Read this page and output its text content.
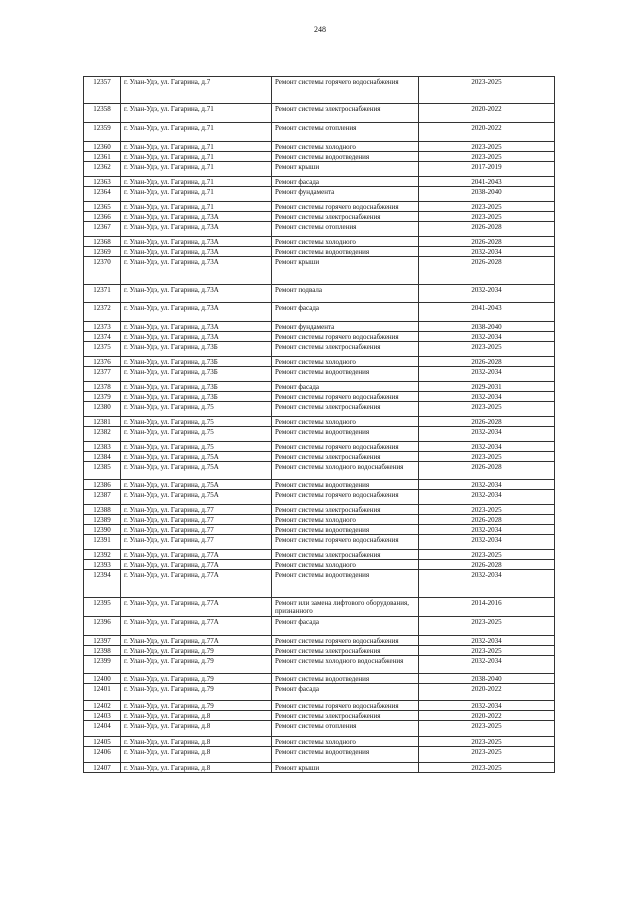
248
12357	г. Улан-Удэ, ул. Гагарина, д.7	Ремонт системы горячего водоснабжения	2023-2025
12358	г. Улан-Удэ, ул. Гагарина, д.71	Ремонт системы электроснабжения	2020-2022
12359	г. Улан-Удэ, ул. Гагарина, д.71	Ремонт системы отопления	2020-2022
12360	г. Улан-Удэ, ул. Гагарина, д.71	Ремонт системы холодного	2023-2025
12361	г. Улан-Удэ, ул. Гагарина, д.71	Ремонт системы водоотведения	2023-2025
12362	г. Улан-Удэ, ул. Гагарина, д.71	Ремонт крыши	2017-2019
12363	г. Улан-Удэ, ул. Гагарина, д.71	Ремонт фасада	2041-2043
12364	г. Улан-Удэ, ул. Гагарина, д.71	Ремонт фундамента	2038-2040
12365	г. Улан-Удэ, ул. Гагарина, д.71	Ремонт системы горячего водоснабжения	2023-2025
12366	г. Улан-Удэ, ул. Гагарина, д.73А	Ремонт системы электроснабжения	2023-2025
12367	г. Улан-Удэ, ул. Гагарина, д.73А	Ремонт системы отопления	2026-2028
12368	г. Улан-Удэ, ул. Гагарина, д.73А	Ремонт системы холодного	2026-2028
12369	г. Улан-Удэ, ул. Гагарина, д.73А	Ремонт системы водоотведения	2032-2034
12370	г. Улан-Удэ, ул. Гагарина, д.73А	Ремонт крыши	2026-2028
12371	г. Улан-Удэ, ул. Гагарина, д.73А	Ремонт подвала	2032-2034
12372	г. Улан-Удэ, ул. Гагарина, д.73А	Ремонт фасада	2041-2043
12373	г. Улан-Удэ, ул. Гагарина, д.73А	Ремонт фундамента	2038-2040
12374	г. Улан-Удэ, ул. Гагарина, д.73А	Ремонт системы горячего водоснабжения	2032-2034
12375	г. Улан-Удэ, ул. Гагарина, д.73Б	Ремонт системы электроснабжения	2023-2025
12376	г. Улан-Удэ, ул. Гагарина, д.73Б	Ремонт системы холодного	2026-2028
12377	г. Улан-Удэ, ул. Гагарина, д.73Б	Ремонт системы водоотведения	2032-2034
12378	г. Улан-Удэ, ул. Гагарина, д.73Б	Ремонт фасада	2029-2031
12379	г. Улан-Удэ, ул. Гагарина, д.73Б	Ремонт системы горячего водоснабжения	2032-2034
12380	г. Улан-Удэ, ул. Гагарина, д.75	Ремонт системы электроснабжения	2023-2025
12381	г. Улан-Удэ, ул. Гагарина, д.75	Ремонт системы холодного	2026-2028
12382	г. Улан-Удэ, ул. Гагарина, д.75	Ремонт системы водоотведения	2032-2034
12383	г. Улан-Удэ, ул. Гагарина, д.75	Ремонт системы горячего водоснабжения	2032-2034
12384	г. Улан-Удэ, ул. Гагарина, д.75А	Ремонт системы электроснабжения	2023-2025
12385	г. Улан-Удэ, ул. Гагарина, д.75А	Ремонт системы холодного водоснабжения	2026-2028
12386	г. Улан-Удэ, ул. Гагарина, д.75А	Ремонт системы водоотведения	2032-2034
12387	г. Улан-Удэ, ул. Гагарина, д.75А	Ремонт системы горячего водоснабжения	2032-2034
12388	г. Улан-Удэ, ул. Гагарина, д.77	Ремонт системы электроснабжения	2023-2025
12389	г. Улан-Удэ, ул. Гагарина, д.77	Ремонт системы холодного	2026-2028
12390	г. Улан-Удэ, ул. Гагарина, д.77	Ремонт системы водоотведения	2032-2034
12391	г. Улан-Удэ, ул. Гагарина, д.77	Ремонт системы горячего водоснабжения	2032-2034
12392	г. Улан-Удэ, ул. Гагарина, д.77А	Ремонт системы электроснабжения	2023-2025
12393	г. Улан-Удэ, ул. Гагарина, д.77А	Ремонт системы холодного	2026-2028
12394	г. Улан-Удэ, ул. Гагарина, д.77А	Ремонт системы водоотведения	2032-2034
12395	г. Улан-Удэ, ул. Гагарина, д.77А	Ремонт или замена лифтового оборудования, признанного	2014-2016
12396	г. Улан-Удэ, ул. Гагарина, д.77А	Ремонт фасада	2023-2025
12397	г. Улан-Удэ, ул. Гагарина, д.77А	Ремонт системы горячего водоснабжения	2032-2034
12398	г. Улан-Удэ, ул. Гагарина, д.79	Ремонт системы электроснабжения	2023-2025
12399	г. Улан-Удэ, ул. Гагарина, д.79	Ремонт системы холодного водоснабжения	2032-2034
12400	г. Улан-Удэ, ул. Гагарина, д.79	Ремонт системы водоотведения	2038-2040
12401	г. Улан-Удэ, ул. Гагарина, д.79	Ремонт фасада	2020-2022
12402	г. Улан-Удэ, ул. Гагарина, д.79	Ремонт системы горячего водоснабжения	2032-2034
12403	г. Улан-Удэ, ул. Гагарина, д.8	Ремонт системы электроснабжения	2020-2022
12404	г. Улан-Удэ, ул. Гагарина, д.8	Ремонт системы отопления	2023-2025
12405	г. Улан-Удэ, ул. Гагарина, д.8	Ремонт системы холодного	2023-2025
12406	г. Улан-Удэ, ул. Гагарина, д.8	Ремонт системы водоотведения	2023-2025
12407	г. Улан-Удэ, ул. Гагарина, д.8	Ремонт крыши	2023-2025
